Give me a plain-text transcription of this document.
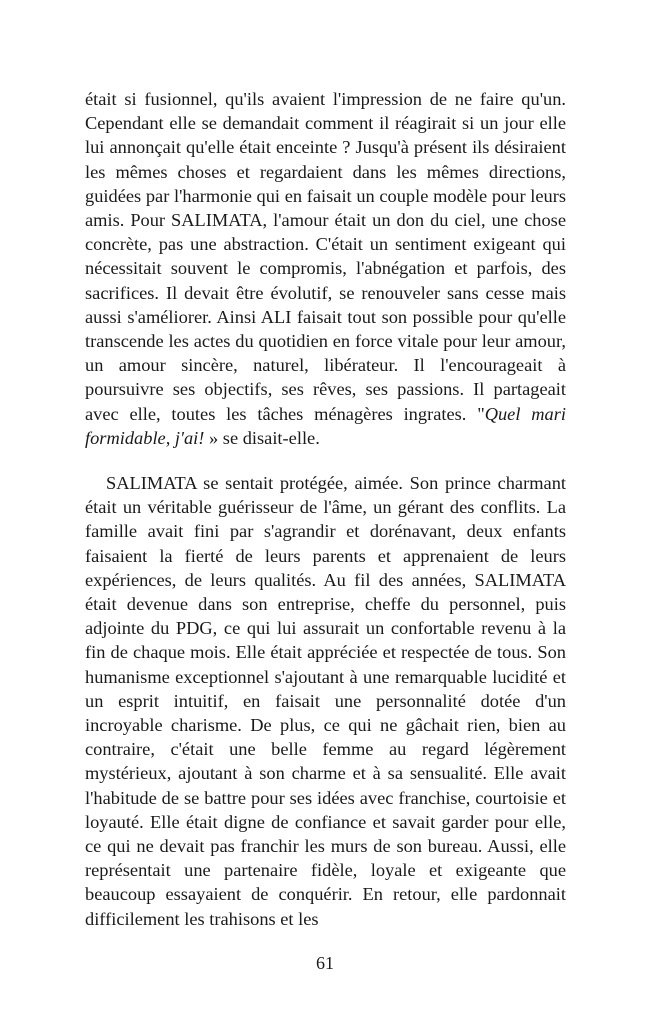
était si fusionnel, qu'ils avaient l'impression de ne faire qu'un. Cependant elle se demandait comment il réagirait si un jour elle lui annonçait qu'elle était enceinte ? Jusqu'à présent ils désiraient les mêmes choses et regardaient dans les mêmes directions, guidées par l'harmonie qui en faisait un couple modèle pour leurs amis. Pour SALIMATA, l'amour était un don du ciel, une chose concrète, pas une abstraction. C'était un sentiment exigeant qui nécessitait souvent le compromis, l'abnégation et parfois, des sacrifices. Il devait être évolutif, se renouveler sans cesse mais aussi s'améliorer. Ainsi ALI faisait tout son possible pour qu'elle transcende les actes du quotidien en force vitale pour leur amour, un amour sincère, naturel, libérateur. Il l'encourageait à poursuivre ses objectifs, ses rêves, ses passions. Il partageait avec elle, toutes les tâches ménagères ingrates. "Quel mari formidable, j'ai! » se disait-elle.

SALIMATA se sentait protégée, aimée. Son prince charmant était un véritable guérisseur de l'âme, un gérant des conflits. La famille avait fini par s'agrandir et dorénavant, deux enfants faisaient la fierté de leurs parents et apprenaient de leurs expériences, de leurs qualités. Au fil des années, SALIMATA était devenue dans son entreprise, cheffe du personnel, puis adjointe du PDG, ce qui lui assurait un confortable revenu à la fin de chaque mois. Elle était appréciée et respectée de tous. Son humanisme exceptionnel s'ajoutant à une remarquable lucidité et un esprit intuitif, en faisait une personnalité dotée d'un incroyable charisme. De plus, ce qui ne gâchait rien, bien au contraire, c'était une belle femme au regard légèrement mystérieux, ajoutant à son charme et à sa sensualité. Elle avait l'habitude de se battre pour ses idées avec franchise, courtoisie et loyauté. Elle était digne de confiance et savait garder pour elle, ce qui ne devait pas franchir les murs de son bureau. Aussi, elle représentait une partenaire fidèle, loyale et exigeante que beaucoup essayaient de conquérir. En retour, elle pardonnait difficilement les trahisons et les

61
